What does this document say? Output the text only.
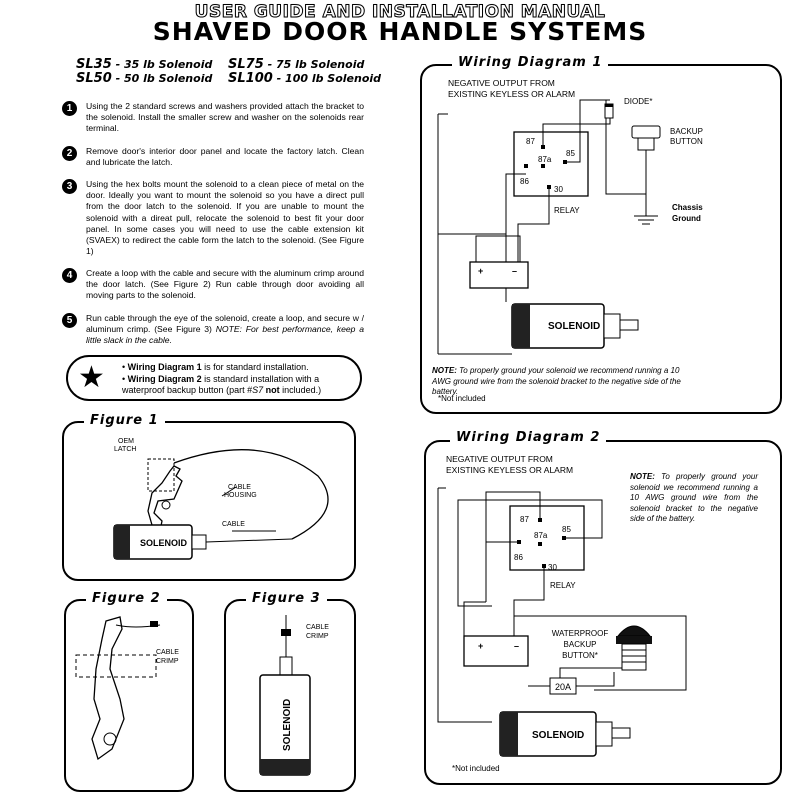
USER GUIDE AND INSTALLATION MANUAL
SHAVED DOOR HANDLE SYSTEMS
SL35 - 35 lb Solenoid
SL50 - 50 lb Solenoid
SL75 - 75 lb Solenoid
SL100 - 100 lb Solenoid
1	Using the 2 standard screws and washers provided attach the bracket to the solenoid. Install the smaller screw and washer on the solenoids rear terminal.
2	Remove door's interior door panel and locate the factory latch. Clean and lubricate the latch.
3	Using the hex bolts mount the solenoid to a clean piece of metal on the door. Ideally you want to mount the solenoid so you have a direct pull from the door latch to the solenoid. If you are unable to mount the solenoid with a direat pull, relocate the solenoid to best fit your door panel. In some cases you will need to use the cable extension kit (SVAEX) to redirect the cable form the latch to the solenoid. (See Figure 1)
4	Create a loop with the cable and secure with the aluminum crimp around the door latch. (See Figure 2) Run cable through door avoiding all moving parts to the solenoid.
5	Run cable through the eye of the solenoid, create a loop, and secure w / aluminum crimp. (See Figure 3) NOTE: For best performance, keep a little slack in the cable.
★ • Wiring Diagram 1 is for standard installation.
• Wiring Diagram 2 is standard installation with a waterproof backup button (part #S7 not included.)
Figure 1
SOLENOID
OEM LATCH
CABLE HOUSING
CABLE
Figure 2
CABLE CRIMP
Figure 3
SOLENOID
CABLE CRIMP
Wiring Diagram 1
NEGATIVE OUTPUT FROM EXISTING KEYLESS OR ALARM
RELAY
87
87a
85
86
30
DIODE*
BACKUP BUTTON
Chassis Ground
+	–
SOLENOID
NOTE: To properly ground your solenoid we recommend running a 10 AWG ground wire from the solenoid bracket to the negative side of the battery.
*Not included
Wiring Diagram 2
NEGATIVE OUTPUT FROM EXISTING KEYLESS OR ALARM
RELAY
87
87a
85
86
30
+	–
20A
WATERPROOF BACKUP BUTTON*
SOLENOID
NOTE: To properly ground your solenoid we recommend running a 10 AWG ground wire from the solenoid bracket to the negative side of the battery.
*Not included
